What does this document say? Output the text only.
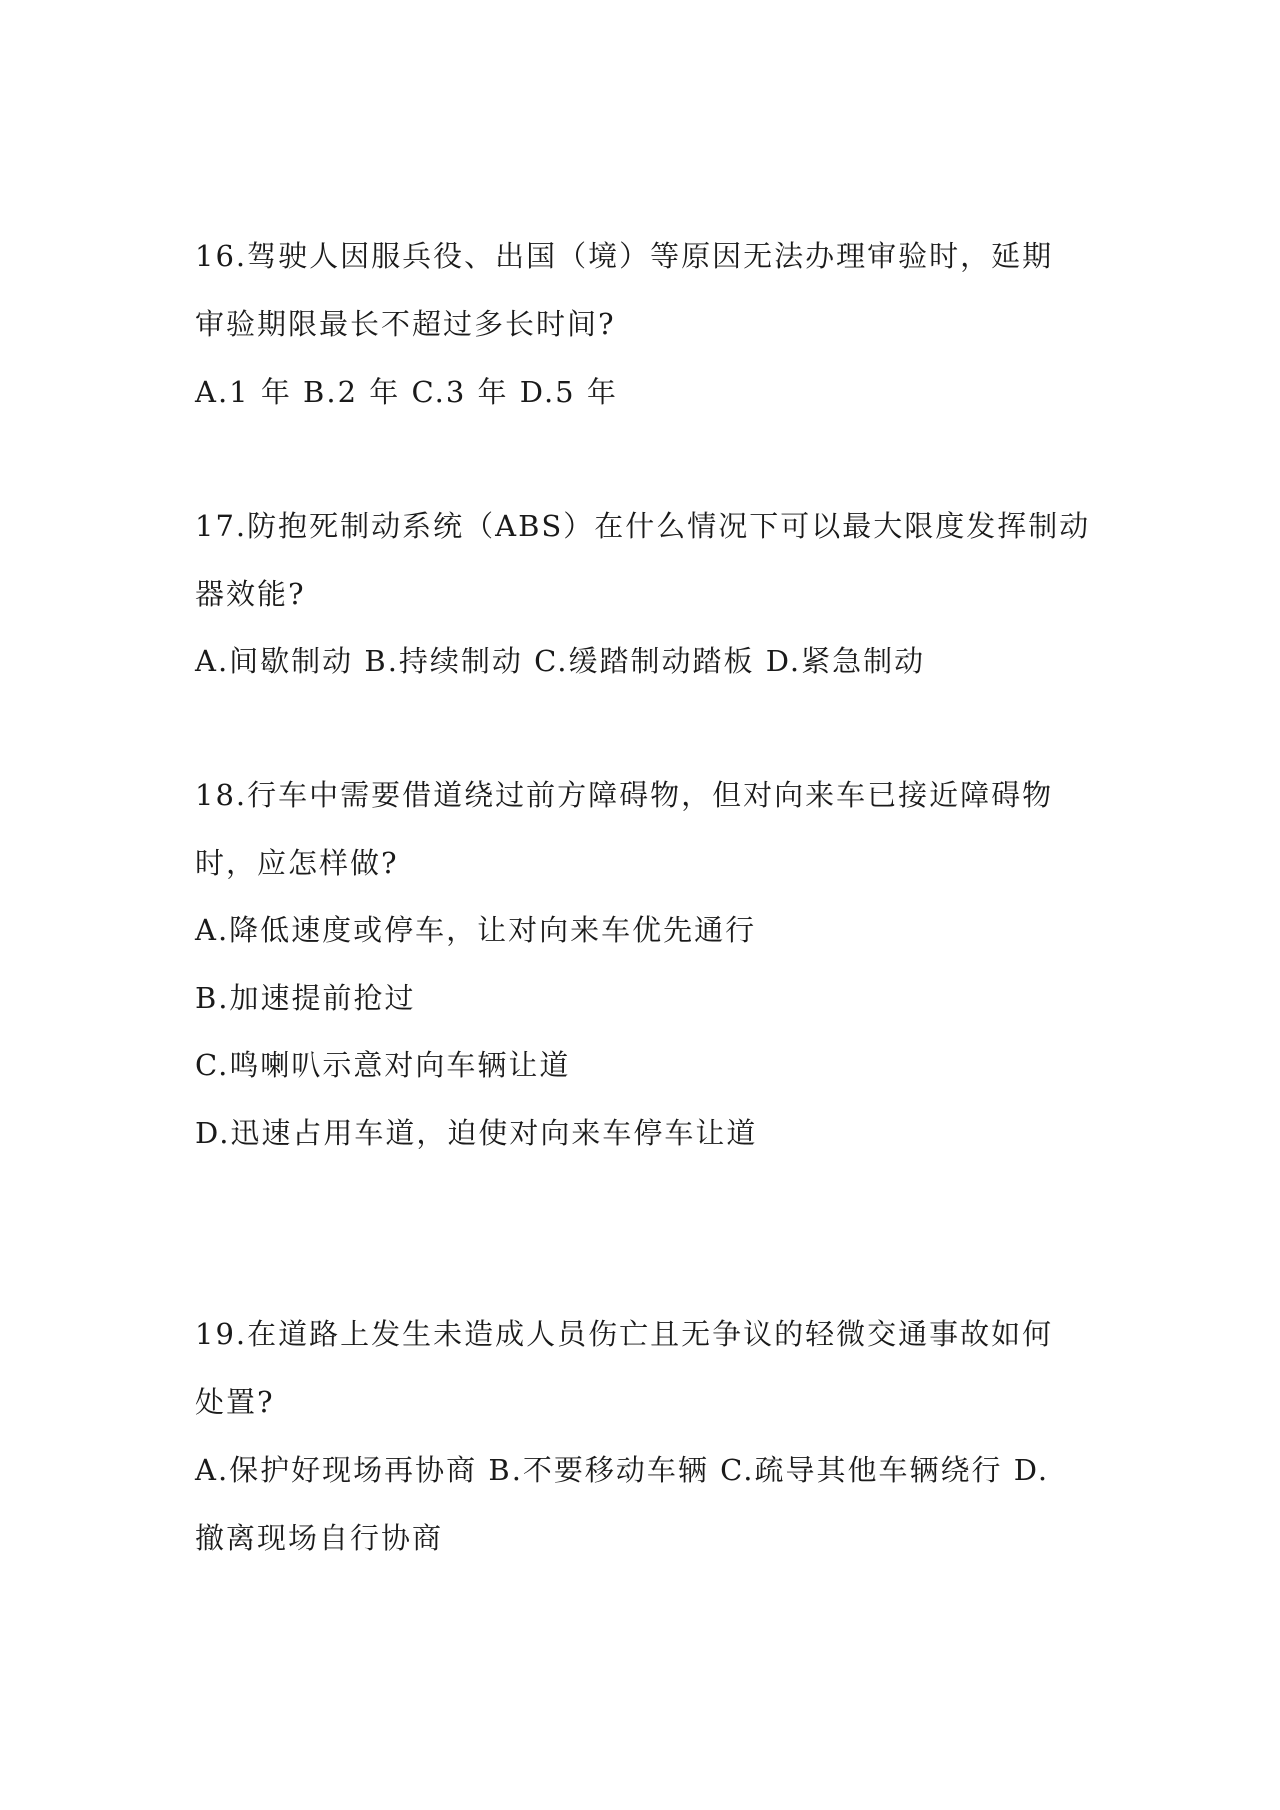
16.驾驶人因服兵役、出国（境）等原因无法办理审验时，延期
审验期限最长不超过多长时间?
A.1 年 B.2 年 C.3 年 D.5 年
17.防抱死制动系统（ABS）在什么情况下可以最大限度发挥制动
器效能?
A.间歇制动 B.持续制动 C.缓踏制动踏板 D.紧急制动
18.行车中需要借道绕过前方障碍物，但对向来车已接近障碍物
时，应怎样做?
A.降低速度或停车，让对向来车优先通行
B.加速提前抢过
C.鸣喇叭示意对向车辆让道
D.迅速占用车道，迫使对向来车停车让道
19.在道路上发生未造成人员伤亡且无争议的轻微交通事故如何
处置?
A.保护好现场再协商 B.不要移动车辆 C.疏导其他车辆绕行 D.
撤离现场自行协商
